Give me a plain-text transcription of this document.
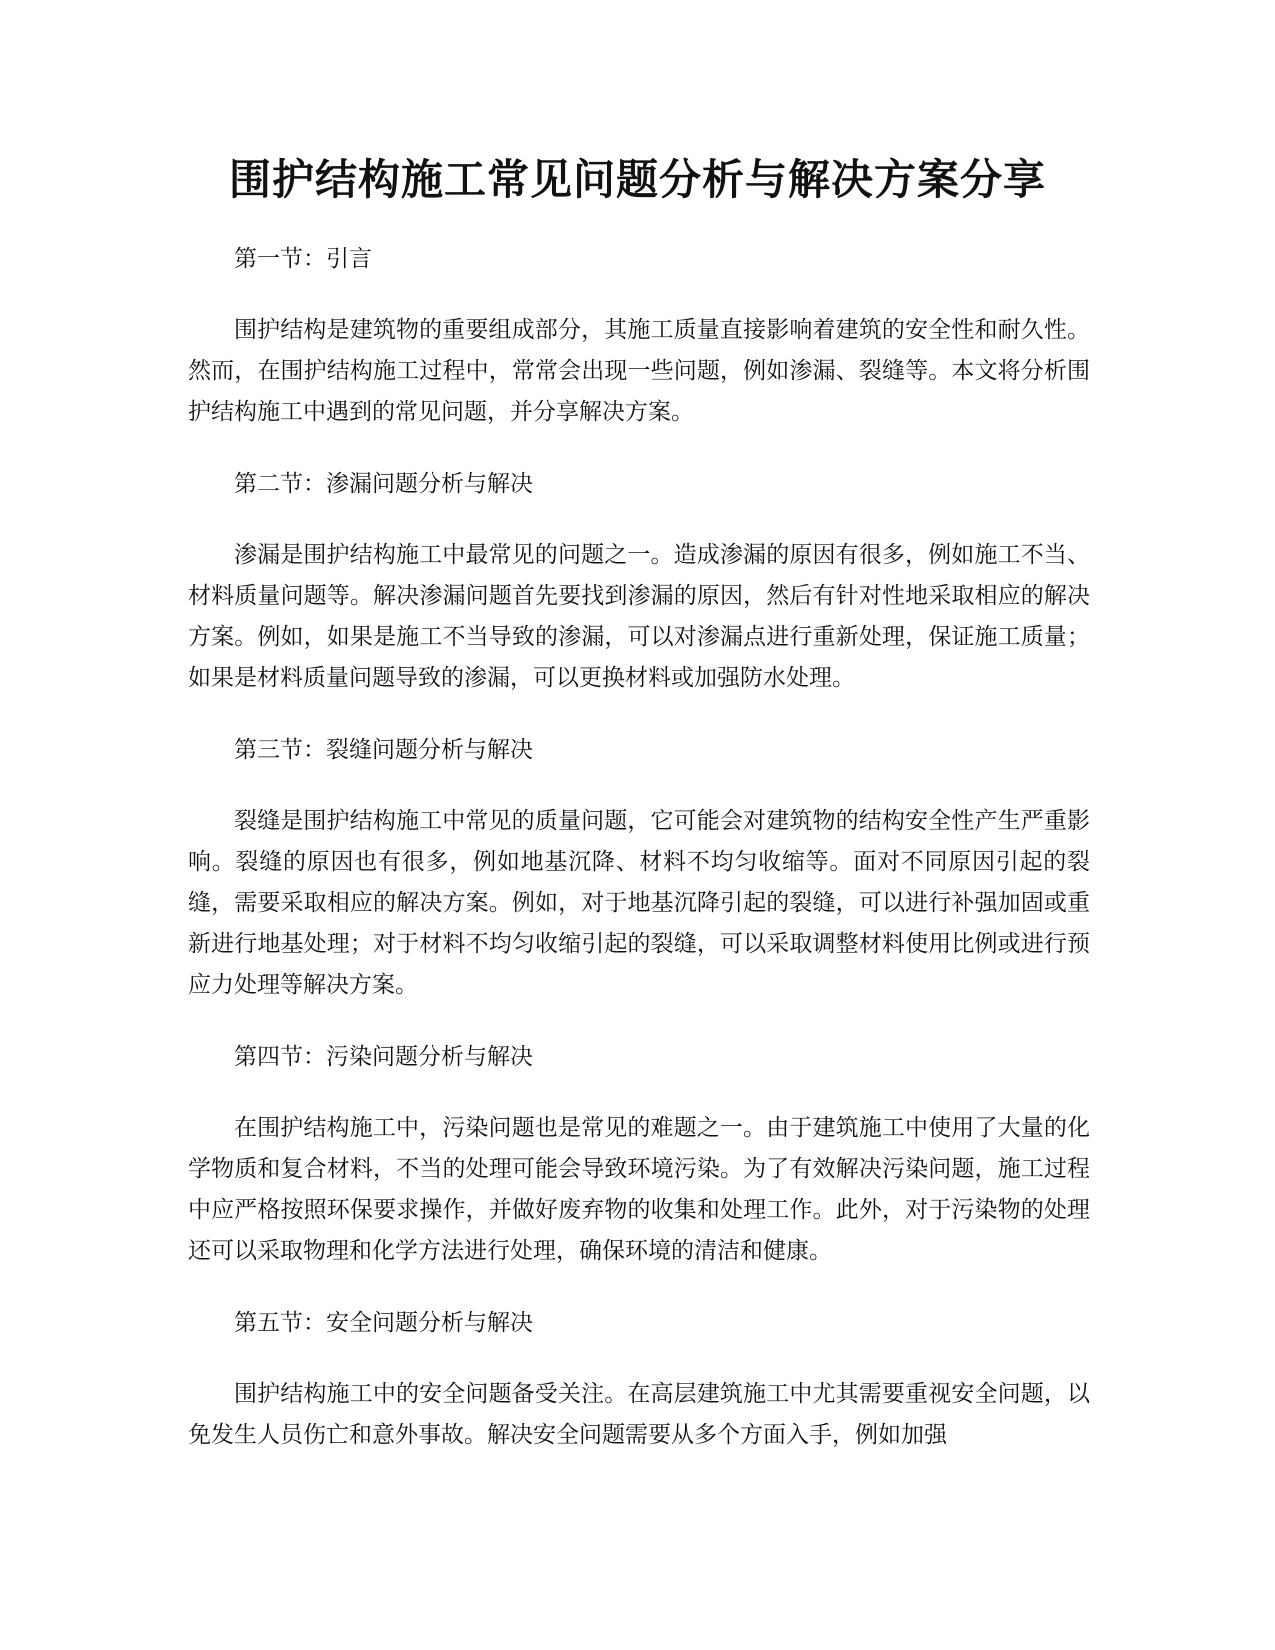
围护结构施工常见问题分析与解决方案分享

第一节：引言

围护结构是建筑物的重要组成部分，其施工质量直接影响着建筑的安全性和耐久性。然而，在围护结构施工过程中，常常会出现一些问题，例如渗漏、裂缝等。本文将分析围护结构施工中遇到的常见问题，并分享解决方案。

第二节：渗漏问题分析与解决

渗漏是围护结构施工中最常见的问题之一。造成渗漏的原因有很多，例如施工不当、材料质量问题等。解决渗漏问题首先要找到渗漏的原因，然后有针对性地采取相应的解决方案。例如，如果是施工不当导致的渗漏，可以对渗漏点进行重新处理，保证施工质量；如果是材料质量问题导致的渗漏，可以更换材料或加强防水处理。

第三节：裂缝问题分析与解决

裂缝是围护结构施工中常见的质量问题，它可能会对建筑物的结构安全性产生严重影响。裂缝的原因也有很多，例如地基沉降、材料不均匀收缩等。面对不同原因引起的裂缝，需要采取相应的解决方案。例如，对于地基沉降引起的裂缝，可以进行补强加固或重新进行地基处理；对于材料不均匀收缩引起的裂缝，可以采取调整材料使用比例或进行预应力处理等解决方案。

第四节：污染问题分析与解决

在围护结构施工中，污染问题也是常见的难题之一。由于建筑施工中使用了大量的化学物质和复合材料，不当的处理可能会导致环境污染。为了有效解决污染问题，施工过程中应严格按照环保要求操作，并做好废弃物的收集和处理工作。此外，对于污染物的处理还可以采取物理和化学方法进行处理，确保环境的清洁和健康。

第五节：安全问题分析与解决

围护结构施工中的安全问题备受关注。在高层建筑施工中尤其需要重视安全问题，以免发生人员伤亡和意外事故。解决安全问题需要从多个方面入手，例如加强
